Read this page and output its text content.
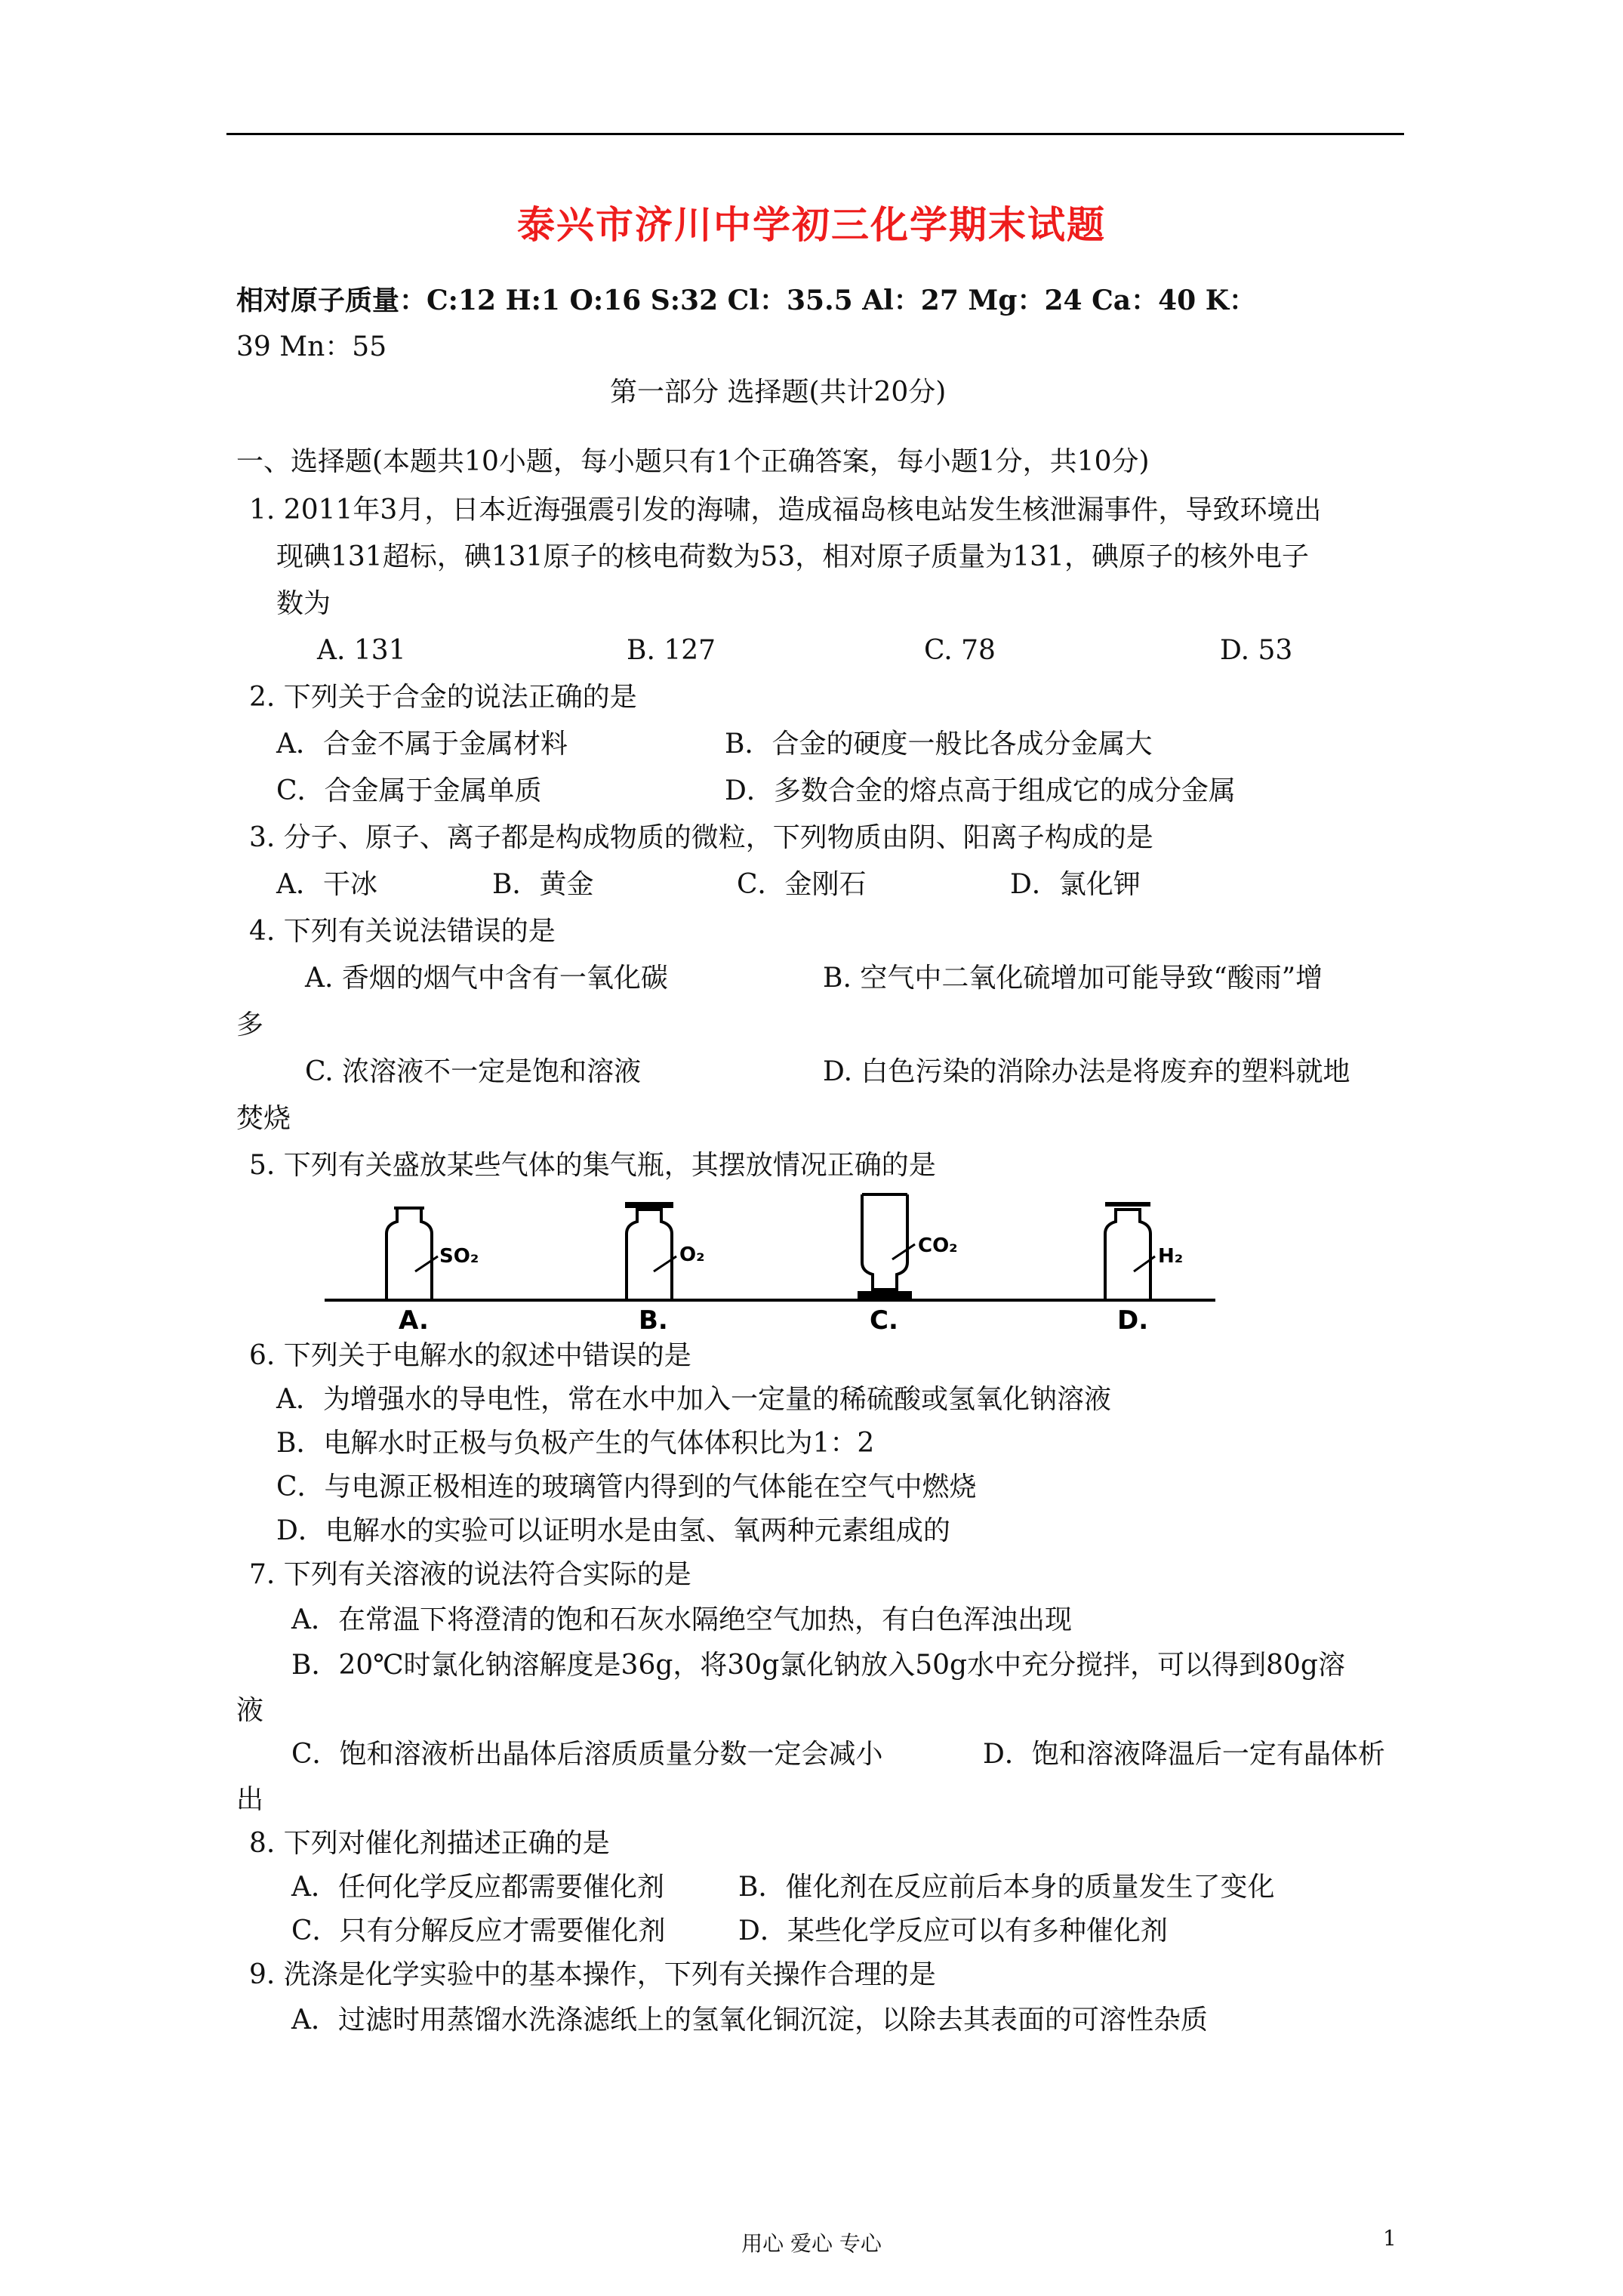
泰兴市济川中学初三化学期末试题
相对原子质量：C:12 H:1 O:16 S:32 Cl：35.5 Al：27 Mg：24 Ca：40 K：
39 Mn：55
第一部分 选择题(共计20分)
一、选择题(本题共10小题，每小题只有1个正确答案，每小题1分，共10分)
1. 2011年3月，日本近海强震引发的海啸，造成福岛核电站发生核泄漏事件，导致环境出
现碘131超标，碘131原子的核电荷数为53，相对原子质量为131，碘原子的核外电子
数为
A. 131	B. 127	C. 78	D. 53
2. 下列关于合金的说法正确的是
A．合金不属于金属材料	B．合金的硬度一般比各成分金属大
C．合金属于金属单质	D．多数合金的熔点高于组成它的成分金属
3. 分子、原子、离子都是构成物质的微粒，下列物质由阴、阳离子构成的是
A．干冰	B．黄金	C．金刚石	D．氯化钾
4. 下列有关说法错误的是
A. 香烟的烟气中含有一氧化碳	B. 空气中二氧化硫增加可能导致“酸雨”增
多
C. 浓溶液不一定是饱和溶液	D. 白色污染的消除办法是将废弃的塑料就地
焚烧
5. 下列有关盛放某些气体的集气瓶，其摆放情况正确的是
SO₂
A.
O₂
B.
CO₂
C.
H₂
D.
6. 下列关于电解水的叙述中错误的是
A．为增强水的导电性，常在水中加入一定量的稀硫酸或氢氧化钠溶液
B．电解水时正极与负极产生的气体体积比为1：2
C．与电源正极相连的玻璃管内得到的气体能在空气中燃烧
D．电解水的实验可以证明水是由氢、氧两种元素组成的
7. 下列有关溶液的说法符合实际的是
A．在常温下将澄清的饱和石灰水隔绝空气加热，有白色浑浊出现
B．20℃时氯化钠溶解度是36g，将30g氯化钠放入50g水中充分搅拌，可以得到80g溶
液
C．饱和溶液析出晶体后溶质质量分数一定会减小	D．饱和溶液降温后一定有晶体析
出
8. 下列对催化剂描述正确的是
A．任何化学反应都需要催化剂	B．催化剂在反应前后本身的质量发生了变化
C．只有分解反应才需要催化剂	D．某些化学反应可以有多种催化剂
9. 洗涤是化学实验中的基本操作，下列有关操作合理的是
A．过滤时用蒸馏水洗涤滤纸上的氢氧化铜沉淀，以除去其表面的可溶性杂质
用心 爱心 专心	1
